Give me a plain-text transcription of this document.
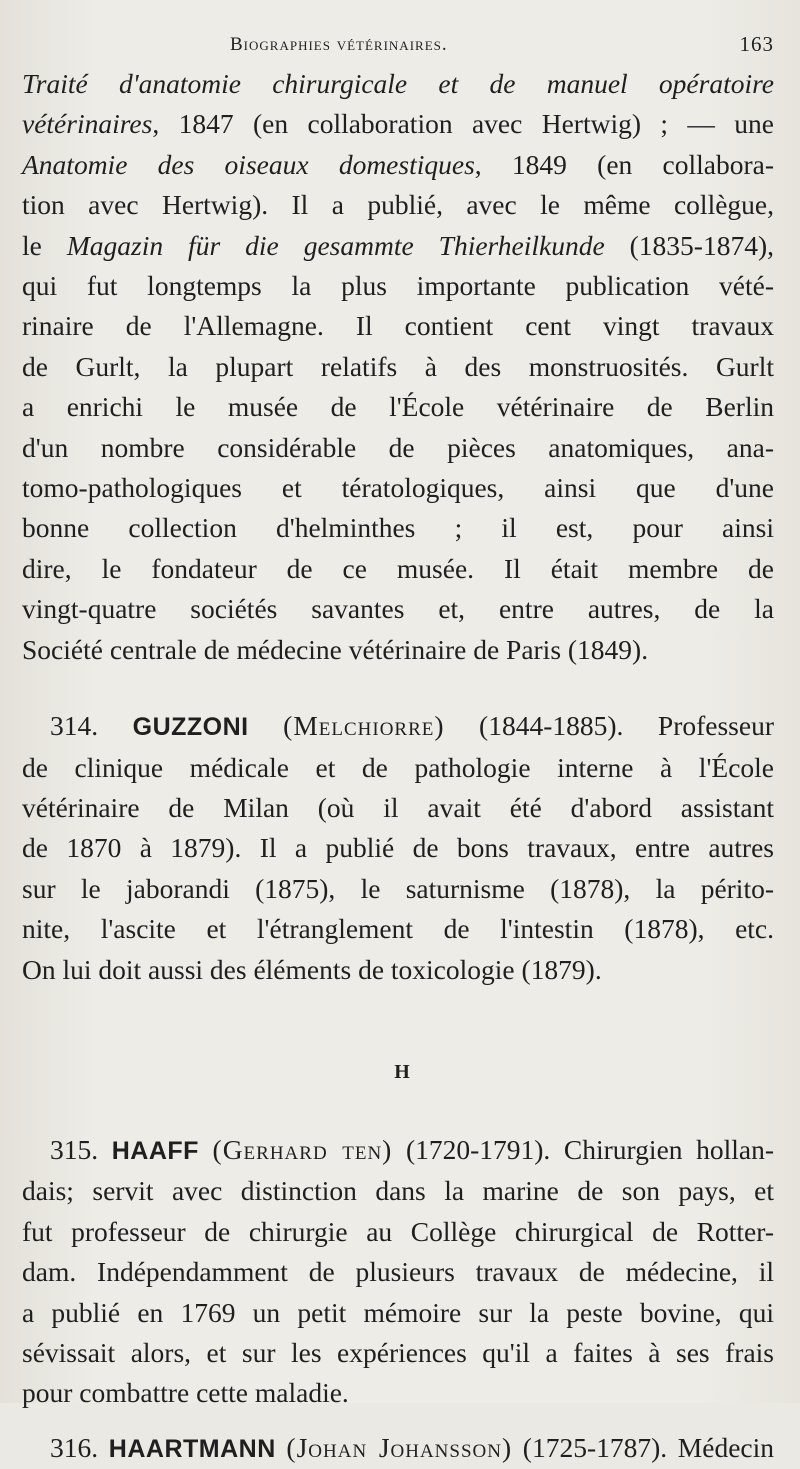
Biographies vétérinaires.	163
Traité d'anatomie chirurgicale et de manuel opératoire
vétérinaires, 1847 (en collaboration avec Hertwig) ; — une
Anatomie des oiseaux domestiques, 1849 (en collabora-
tion avec Hertwig). Il a publié, avec le même collègue,
le Magazin für die gesammte Thierheilkunde (1835-1874),
qui fut longtemps la plus importante publication vété-
rinaire de l'Allemagne. Il contient cent vingt travaux
de Gurlt, la plupart relatifs à des monstruosités. Gurlt
a enrichi le musée de l'École vétérinaire de Berlin
d'un nombre considérable de pièces anatomiques, ana-
tomo-pathologiques et tératologiques, ainsi que d'une
bonne collection d'helminthes ; il est, pour ainsi
dire, le fondateur de ce musée. Il était membre de
vingt-quatre sociétés savantes et, entre autres, de la
Société centrale de médecine vétérinaire de Paris (1849).
314. GUZZONI (Melchiorre) (1844-1885). Professeur
de clinique médicale et de pathologie interne à l'École
vétérinaire de Milan (où il avait été d'abord assistant
de 1870 à 1879). Il a publié de bons travaux, entre autres
sur le jaborandi (1875), le saturnisme (1878), la périto-
nite, l'ascite et l'étranglement de l'intestin (1878), etc.
On lui doit aussi des éléments de toxicologie (1879).
H
315. HAAFF (Gerhard ten) (1720-1791). Chirurgien hollan-
dais; servit avec distinction dans la marine de son pays, et
fut professeur de chirurgie au Collège chirurgical de Rotter-
dam. Indépendamment de plusieurs travaux de médecine, il
a publié en 1769 un petit mémoire sur la peste bovine, qui
sévissait alors, et sur les expériences qu'il a faites à ses frais
pour combattre cette maladie.
316. HAARTMANN (Johan Johansson) (1725-1787). Médecin
